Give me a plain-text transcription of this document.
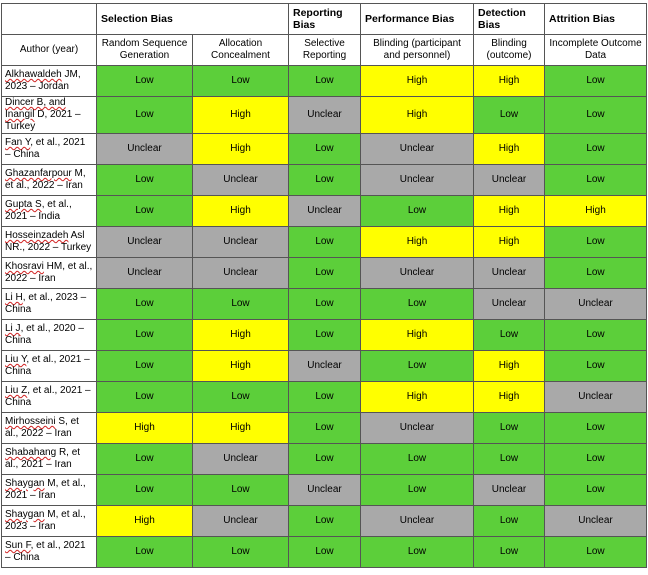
	Selection Bias		Reporting Bias	Performance Bias	Detection Bias	Attrition Bias
Author (year)	Random Sequence Generation	Allocation Concealment	Selective Reporting	Blinding (participant and personnel)	Blinding (outcome)	Incomplete Outcome Data
Alkhawaldeh JM, 2023 – Jordan	Low	Low	Low	High	High	Low
Dincer B, and Inangil D, 2021 – Turkey	Low	High	Unclear	High	Low	Low
Fan Y, et al., 2021 – China	Unclear	High	Low	Unclear	High	Low
Ghazanfarpour M, et al., 2022 – Iran	Low	Unclear	Low	Unclear	Unclear	Low
Gupta S, et al., 2021 – India	Low	High	Unclear	Low	High	High
Hosseinzadeh Asl NR., 2022 – Turkey	Unclear	Unclear	Low	High	High	Low
Khosravi HM, et al., 2022 – Iran	Unclear	Unclear	Low	Unclear	Unclear	Low
Li H, et al., 2023 – China	Low	Low	Low	Low	Unclear	Unclear
Li J, et al., 2020 – China	Low	High	Low	High	Low	Low
Liu Y, et al., 2021 – China	Low	High	Unclear	Low	High	Low
Liu Z, et al., 2021 – China	Low	Low	Low	High	High	Unclear
Mirhosseini S, et al., 2022 – Iran	High	High	Low	Unclear	Low	Low
Shabahang R, et al., 2021 – Iran	Low	Unclear	Low	Low	Low	Low
Shaygan M, et al., 2021 – Iran	Low	Low	Unclear	Low	Unclear	Low
Shaygan M, et al., 2023 – Iran	High	Unclear	Low	Unclear	Low	Unclear
Sun F, et al., 2021 – China	Low	Low	Low	Low	Low	Low
